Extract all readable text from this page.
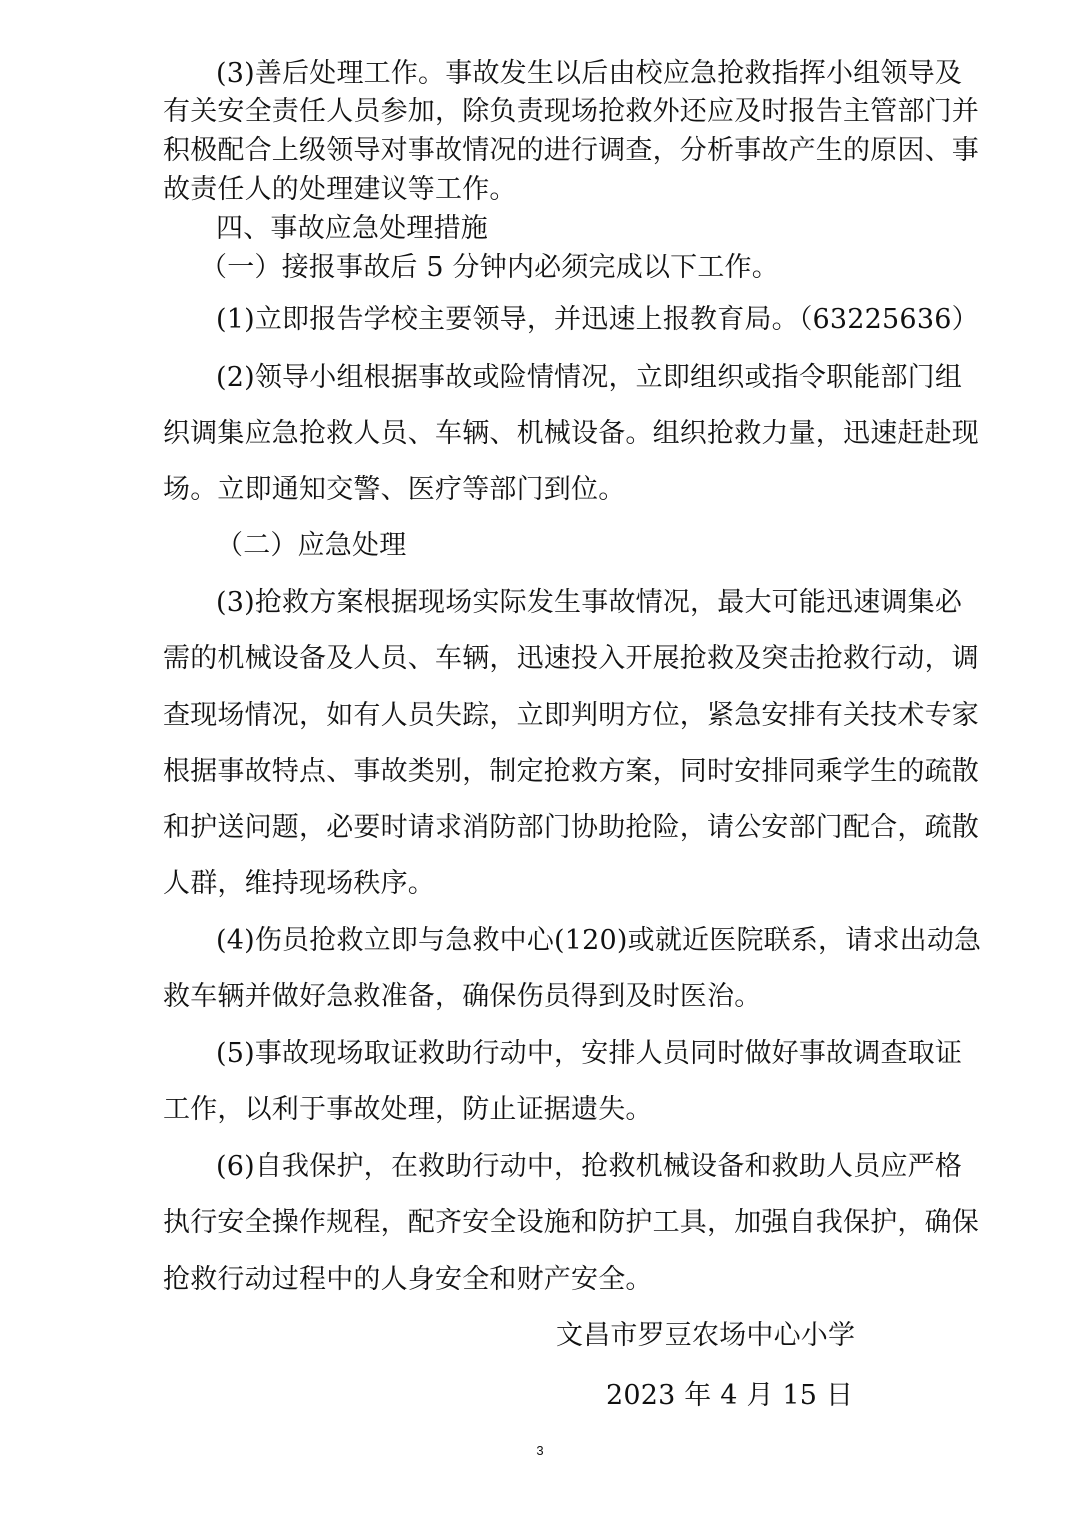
(3)善后处理工作。事故发生以后由校应急抢救指挥小组领导及
有关安全责任人员参加，除负责现场抢救外还应及时报告主管部门并
积极配合上级领导对事故情况的进行调查，分析事故产生的原因、事
故责任人的处理建议等工作。
四、事故应急处理措施
（一）接报事故后 5 分钟内必须完成以下工作。
(1)立即报告学校主要领导，并迅速上报教育局。（63225636）
(2)领导小组根据事故或险情情况，立即组织或指令职能部门组
织调集应急抢救人员、车辆、机械设备。组织抢救力量，迅速赶赴现
场。立即通知交警、医疗等部门到位。
（二）应急处理
(3)抢救方案根据现场实际发生事故情况，最大可能迅速调集必
需的机械设备及人员、车辆，迅速投入开展抢救及突击抢救行动，调
查现场情况，如有人员失踪，立即判明方位，紧急安排有关技术专家
根据事故特点、事故类别，制定抢救方案，同时安排同乘学生的疏散
和护送问题，必要时请求消防部门协助抢险，请公安部门配合，疏散
人群，维持现场秩序。
(4)伤员抢救立即与急救中心(120)或就近医院联系，请求出动急
救车辆并做好急救准备，确保伤员得到及时医治。
(5)事故现场取证救助行动中，安排人员同时做好事故调查取证
工作，以利于事故处理，防止证据遗失。
(6)自我保护，在救助行动中，抢救机械设备和救助人员应严格
执行安全操作规程，配齐安全设施和防护工具，加强自我保护，确保
抢救行动过程中的人身安全和财产安全。
文昌市罗豆农场中心小学
2023 年 4 月 15 日
3
